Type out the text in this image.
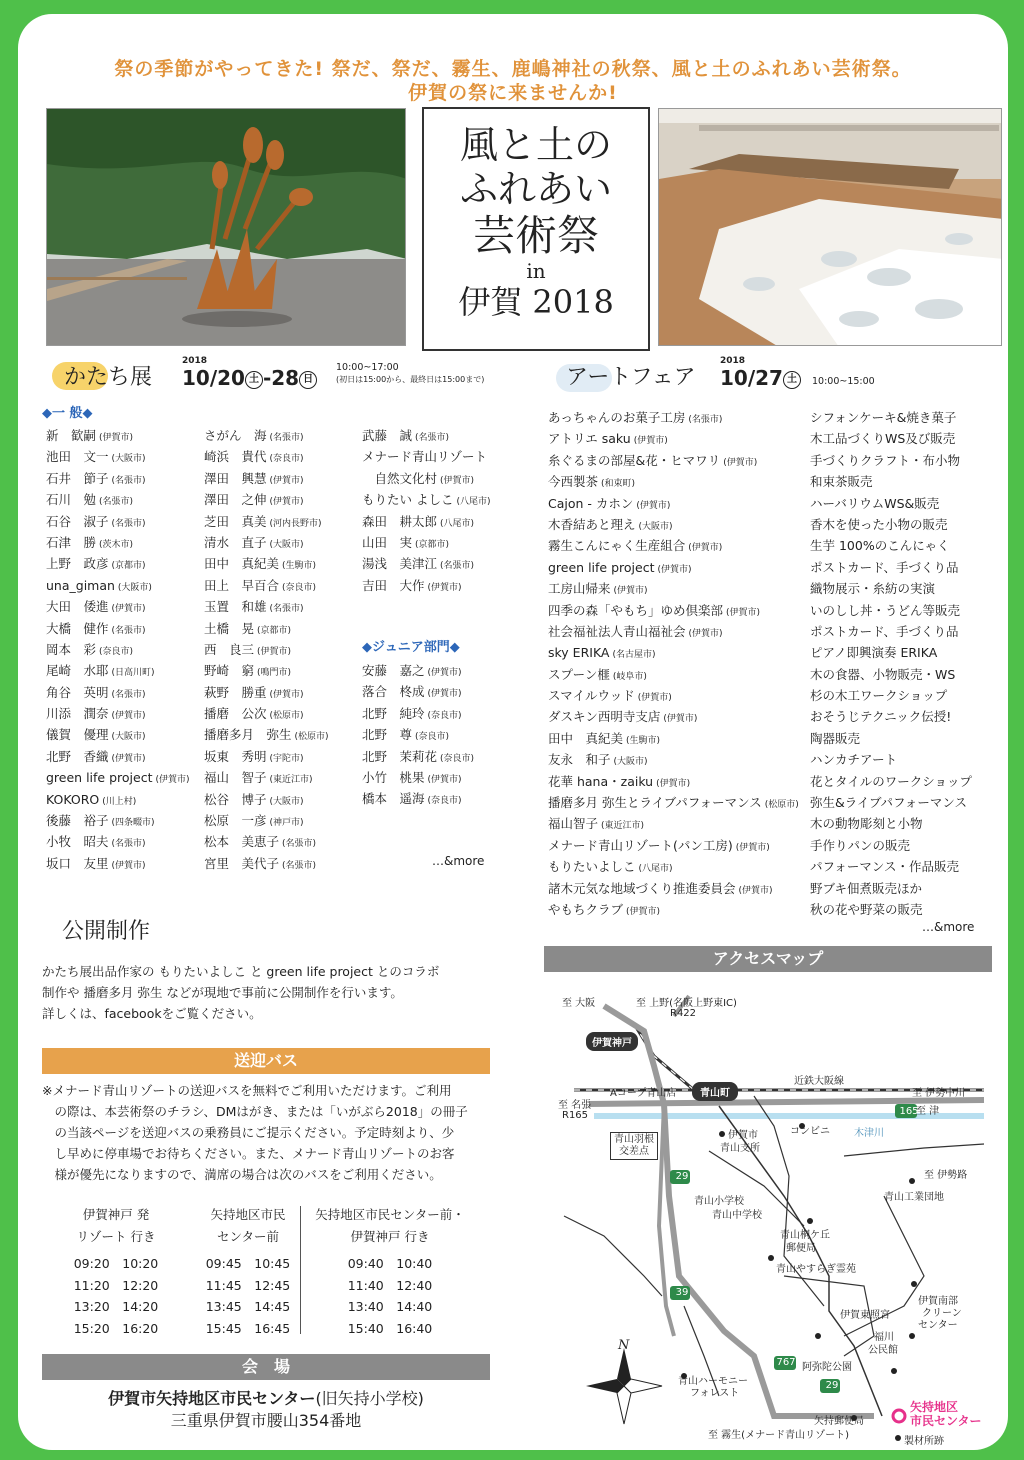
祭の季節がやってきた! 祭だ、祭だ、霧生、鹿嶋神社の秋祭、風と土のふれあい芸術祭。
伊賀の祭に来ませんか!
風と土の
ふれあい
芸術祭
in
伊賀 2018
かたち展
2018
10/20 土 -28 日
10:00~17:00
(初日は15:00から、最終日は15:00まで)
◆一 般◆
新　歓嗣 (伊賀市)
池田　文一 (大阪市)
石井　節子 (名張市)
石川　勉 (名張市)
石谷　淑子 (名張市)
石津　勝 (茨木市)
上野　政彦 (京都市)
una_giman (大阪市)
大田　倭進 (伊賀市)
大橋　健作 (名張市)
岡本　彩 (奈良市)
尾崎　水耶 (日高川町)
角谷　英明 (名張市)
川添　潤奈 (伊賀市)
儀賀　優理 (大阪市)
北野　香織 (伊賀市)
green life project (伊賀市)
KOKORO (川上村)
後藤　裕子 (四条畷市)
小牧　昭夫 (名張市)
坂口　友里 (伊賀市)
さがん　海 (名張市)
崎浜　貴代 (奈良市)
澤田　興慧 (伊賀市)
澤田　之伸 (伊賀市)
芝田　真美 (河内長野市)
清水　直子 (大阪市)
田中　真紀美 (生駒市)
田上　早百合 (奈良市)
玉置　和雄 (名張市)
土橋　晃 (京都市)
西　良三 (伊賀市)
野崎　窮 (鳴門市)
萩野　勝重 (伊賀市)
播磨　公次 (松原市)
播磨多月　弥生 (松原市)
坂東　秀明 (宇陀市)
福山　智子 (東近江市)
松谷　博子 (大阪市)
松原　一彦 (神戸市)
松本　美恵子 (名張市)
宮里　美代子 (名張市)
武藤　誠 (名張市)
メナード青山リゾート
　自然文化村 (伊賀市)
もりたい よしこ (八尾市)
森田　耕太郎 (八尾市)
山田　実 (京都市)
湯浅　美津江 (名張市)
吉田　大作 (伊賀市)
◆ジュニア部門◆
安藤　嘉之 (伊賀市)
落合　柊成 (伊賀市)
北野　純玲 (奈良市)
北野　尊 (奈良市)
北野　茉莉花 (奈良市)
小竹　桃果 (伊賀市)
橋本　遥海 (奈良市)
…&more
アートフェア
2018
10/27 土	10:00~15:00
あっちゃんのお菓子工房 (名張市)
アトリエ saku (伊賀市)
糸ぐるまの部屋&花・ヒマワリ (伊賀市)
今西製茶 (和束町)
Cajon - カホン (伊賀市)
木香結あと理え (大阪市)
霧生こんにゃく生産組合 (伊賀市)
green life project (伊賀市)
工房山帰来 (伊賀市)
四季の森「やもち」ゆめ倶楽部 (伊賀市)
社会福祉法人青山福祉会 (伊賀市)
sky ERIKA (名古屋市)
スプーン榧 (岐阜市)
スマイルウッド (伊賀市)
ダスキン西明寺支店 (伊賀市)
田中　真紀美 (生駒市)
友永　和子 (大阪市)
花華 hana・zaiku (伊賀市)
播磨多月 弥生とライブパフォーマンス (松原市)
福山智子 (東近江市)
メナード青山リゾート(パン工房) (伊賀市)
もりたいよしこ (八尾市)
諸木元気な地域づくり推進委員会 (伊賀市)
やもちクラブ (伊賀市)
シフォンケーキ&焼き菓子
木工品づくりWS及び販売
手づくりクラフト・布小物
和束茶販売
ハーバリウムWS&販売
香木を使った小物の販売
生芋 100%のこんにゃく
ポストカード、手づくり品
織物展示・糸紡の実演
いのしし丼・うどん等販売
ポストカード、手づくり品
ピアノ即興演奏 ERIKA
木の食器、小物販売・WS
杉の木工ワークショップ
おそうじテクニック伝授!
陶器販売
ハンカチアート
花とタイルのワークショップ
弥生&ライブパフォーマンス
木の動物彫刻と小物
手作りパンの販売
パフォーマンス・作品販売
野ブキ佃煮販売ほか
秋の花や野菜の販売
…&more
公開制作
かたち展出品作家の もりたいよしこ と green life project とのコラボ
制作や 播磨多月 弥生 などが現地で事前に公開制作を行います。
詳しくは、facebookをご覧ください。
送迎バス
※メナード青山リゾートの送迎バスを無料でご利用いただけます。ご利用
　の際は、本芸術祭のチラシ、DMはがき、または「いがぶら2018」の冊子
　の当該ページを送迎バスの乗務員にご提示ください。予定時刻より、少
　し早めに停車場でお待ちください。また、メナード青山リゾートのお客
　様が優先になりますので、満席の場合は次のバスをご利用ください。
伊賀神戸 発
リゾート 行き
09:20　10:20
11:20　12:20
13:20　14:20
15:20　16:20
矢持地区市民
センター前
09:45　10:45
11:45　12:45
13:45　14:45
15:45　16:45
矢持地区市民センター前・
伊賀神戸 行き
09:40　10:40
11:40　12:40
13:40　14:40
15:40　16:40
会　場
伊賀市矢持地区市民センター(旧矢持小学校)
三重県伊賀市腰山354番地
アクセスマップ
至 大阪	至 上野(名阪上野東IC)
R422
伊賀神戸
青山町
近鉄大阪線
至 伊勢中川
至 名張
R165
Aコープ青山店
至 津
165
青山羽根
交差点
伊賀市
青山支所
コンビニ 木津川
至 伊勢路
青山工業団地
青山小学校
青山中学校
青山桐ケ丘
郵便局
青山やすらぎ霊苑
伊賀東照宮
福川
公民館
伊賀南部
クリーン
センター
阿弥陀公園
青山ハーモニー
フォレスト
矢持郵便局
至 霧生(メナード青山リゾート)
矢持地区
市民センター
製材所跡
29
39
29
767
N
